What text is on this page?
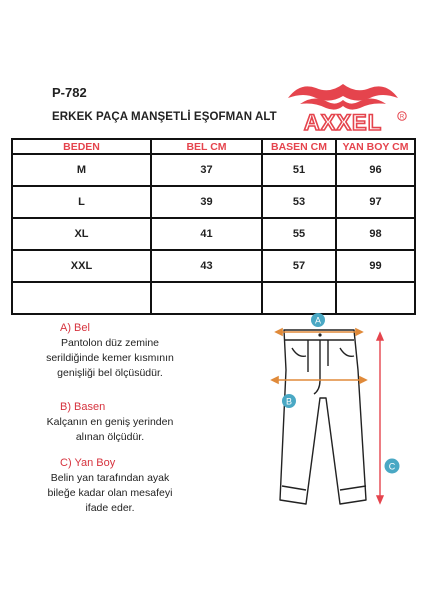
P-782
ERKEK PAÇA MANŞETLİ EŞOFMAN ALT AXXEL	R
BEDEN	BEL CM	BASEN CM	YAN BOY CM
M	37	51	96
L	39	53	97
XL	41	55	98
XXL	43	57	99

A) Bel
Pantolon düz zemine
serildiğinde kemer kısmının
genişliği bel ölçüsüdür.
B) Basen
Kalçanın en geniş yerinden
alınan ölçüdür.
C) Yan Boy
Belin yan tarafından ayak
bileğe kadar olan mesafeyi
ifade eder.
A
B
C
